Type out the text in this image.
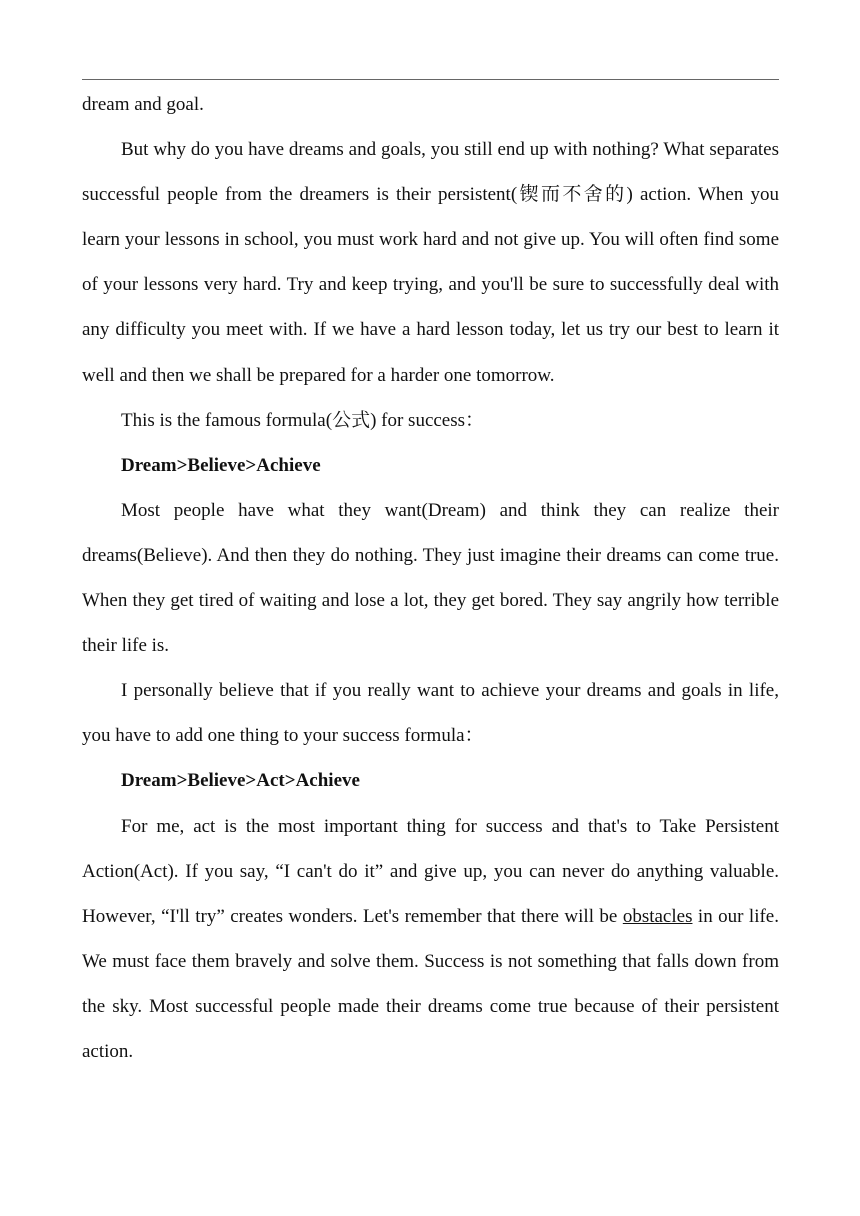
dream and goal.

But why do you have dreams and goals, you still end up with nothing? What separates successful people from the dreamers is their persistent(锲而不舍的) action. When you learn your lessons in school, you must work hard and not give up. You will often find some of your lessons very hard. Try and keep trying, and you'll be sure to successfully deal with any difficulty you meet with. If we have a hard lesson today, let us try our best to learn it well and then we shall be prepared for a harder one tomorrow.

This is the famous formula(公式) for success：

Dream>Believe>Achieve

Most people have what they want(Dream) and think they can realize their dreams(Believe). And then they do nothing. They just imagine their dreams can come true. When they get tired of waiting and lose a lot, they get bored. They say angrily how terrible their life is.

I personally believe that if you really want to achieve your dreams and goals in life, you have to add one thing to your success formula：

Dream>Believe>Act>Achieve

For me, act is the most important thing for success and that's to Take Persistent Action(Act). If you say, “I can't do it” and give up, you can never do anything valuable. However, “I'll try” creates wonders. Let's remember that there will be obstacles in our life. We must face them bravely and solve them. Success is not something that falls down from the sky. Most successful people made their dreams come true because of their persistent action.
